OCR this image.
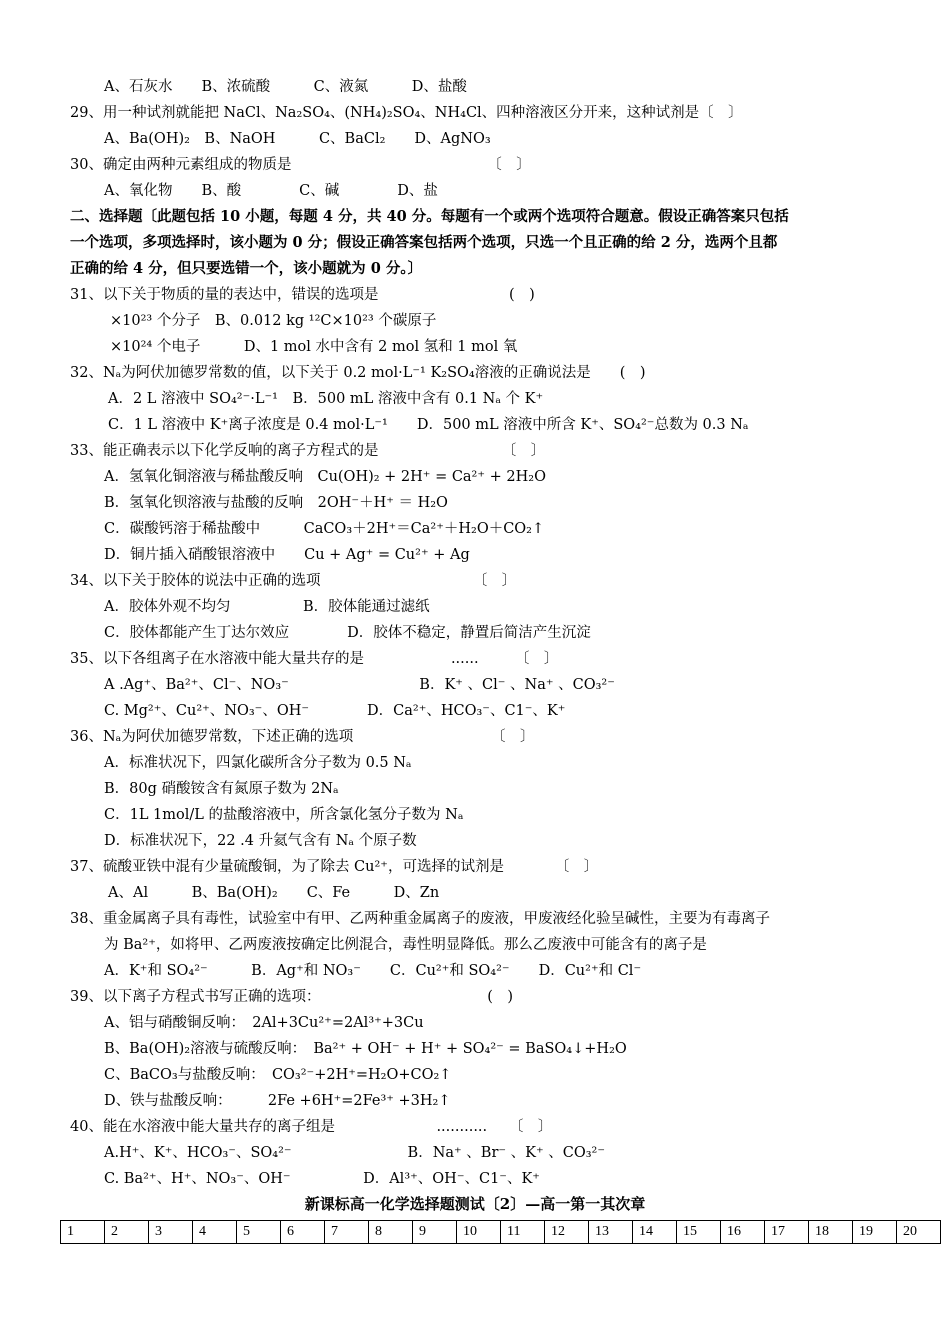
A、石灰水　　B、浓硫酸　　　C、液氮　　　D、盐酸
29、用一种试剂就能把 NaCl、Na₂SO₄、(NH₄)₂SO₄、NH₄Cl、四种溶液区分开来，这种试剂是〔　〕
A、Ba(OH)₂　B、NaOH　　　C、BaCl₂　　D、AgNO₃
30、确定由两种元素组成的物质是　　　　　　　　　　　　　　〔　〕
A、氧化物　　B、酸　　　　C、碱　　　　D、盐
二、选择题〔此题包括 10 小题，每题 4 分，共 40 分。每题有一个或两个选项符合题意。假设正确答案只包括
一个选项，多项选择时，该小题为 0 分；假设正确答案包括两个选项，只选一个且正确的给 2 分，选两个且都
正确的给 4 分，但只要选错一个，该小题就为 0 分。〕
31、以下关于物质的量的表达中，错误的选项是　　　　　　　　　(　)
×10²³ 个分子　B、0.012 kg ¹²C×10²³ 个碳原子
×10²⁴ 个电子　　　D、1 mol 水中含有 2 mol 氢和 1 mol 氧
32、Nₐ为阿伏加德罗常数的值，以下关于 0.2 mol·L⁻¹ K₂SO₄溶液的正确说法是　　(　)
A．2 L 溶液中 SO₄²⁻·L⁻¹　B．500 mL 溶液中含有 0.1 Nₐ 个 K⁺
C．1 L 溶液中 K⁺离子浓度是 0.4 mol·L⁻¹　　D．500 mL 溶液中所含 K⁺、SO₄²⁻总数为 0.3 Nₐ
33、能正确表示以下化学反响的离子方程式的是　　　　　　　　　〔　〕
A．氢氧化铜溶液与稀盐酸反响　Cu(OH)₂ + 2H⁺ = Ca²⁺ + 2H₂O
B．氢氧化钡溶液与盐酸的反响　2OH⁻＋H⁺ ＝ H₂O
C．碳酸钙溶于稀盐酸中　　　CaCO₃＋2H⁺＝Ca²⁺＋H₂O＋CO₂↑
D．铜片插入硝酸银溶液中　　Cu + Ag⁺ = Cu²⁺ + Ag
34、以下关于胶体的说法中正确的选项　　　　　　　　　　　〔　〕
A．胶体外观不均匀　　　　　B．胶体能通过滤纸
C．胶体都能产生丁达尔效应　　　　D．胶体不稳定，静置后简洁产生沉淀
35、以下各组离子在水溶液中能大量共存的是　　　　　　......　　　〔　〕
A .Ag⁺、Ba²⁺、Cl⁻、NO₃⁻　　　　　　　　　B．K⁺ 、Cl⁻ 、Na⁺ 、CO₃²⁻
C. Mg²⁺、Cu²⁺、NO₃⁻、OH⁻　　　　D．Ca²⁺、HCO₃⁻、C1⁻、K⁺
36、Nₐ为阿伏加德罗常数，下述正确的选项　　　　　　　　　　〔　〕
A．标准状况下，四氯化碳所含分子数为 0.5 Nₐ
B．80g 硝酸铵含有氮原子数为 2Nₐ
C．1L 1mol/L 的盐酸溶液中，所含氯化氢分子数为 Nₐ
D．标准状况下，22 .4 升氦气含有 Nₐ 个原子数
37、硫酸亚铁中混有少量硫酸铜，为了除去 Cu²⁺，可选择的试剂是　　　　〔　〕
A、Al　　　B、Ba(OH)₂　　C、Fe　　　D、Zn
38、重金属离子具有毒性，试验室中有甲、乙两种重金属离子的废液，甲废液经化验呈碱性，主要为有毒离子
为 Ba²⁺，如将甲、乙两废液按确定比例混合，毒性明显降低。那么乙废液中可能含有的离子是
A．K⁺和 SO₄²⁻　　　B．Ag⁺和 NO₃⁻　　C．Cu²⁺和 SO₄²⁻　　D．Cu²⁺和 Cl⁻
39、以下离子方程式书写正确的选项：　　　　　　　　　　　　(　)
A、铝与硝酸铜反响：　2Al+3Cu²⁺=2Al³⁺+3Cu
B、Ba(OH)₂溶液与硫酸反响：　Ba²⁺ + OH⁻ + H⁺ + SO₄²⁻ = BaSO₄↓+H₂O
C、BaCO₃与盐酸反响：　CO₃²⁻+2H⁺=H₂O+CO₂↑
D、铁与盐酸反响：　　　2Fe +6H⁺=2Fe³⁺ +3H₂↑
40、能在水溶液中能大量共存的离子组是　　　　　　　...........　　〔　〕
A.H⁺、K⁺、HCO₃⁻、SO₄²⁻　　　　　　　　B．Na⁺ 、Br⁻ 、K⁺ 、CO₃²⁻
C. Ba²⁺、H⁺、NO₃⁻、OH⁻　　　　　D．Al³⁺、OH⁻、C1⁻、K⁺
新课标高一化学选择题测试〔2〕—高一第一其次章
1	2	3	4	5	6	7	8	9	10	11	12	13	14	15	16	17	18	19	20
